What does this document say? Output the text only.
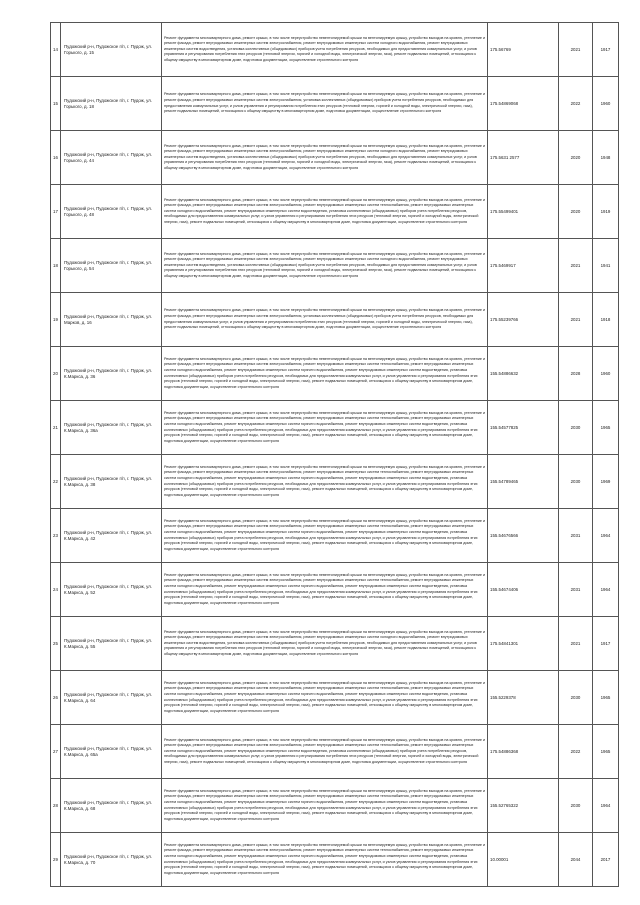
14	Пудожский р-н, Пудожское г/п, г. Пудож, ул. Горького, д. 15	Ремонт фундамента многоквартирного дома, ремонт крыши, в том числе переустройство невентилируемой крыши на вентилируемую крышу, устройство выходов на кровлю, утепление и ремонт фасада, ремонт внутридомовых инженерных систем электроснабжения, ремонт внутридомовых инженерных систем холодного водоснабжения, ремонт внутридомовых инженерных систем водоотведения, установка коллективных (общедомовых) приборов учета потребления ресурсов, необходимых для предоставления коммунальных услуг, и узлов управления и регулирования потребления этих ресурсов (тепловой энергии, горячей и холодной воды, электрической энергии, газа), ремонт подвальных помещений, относящихся к общему имуществу в многоквартирном доме, подготовка документации, осуществление строительного контроля	175.56769	2021	1917
15	Пудожский р-н, Пудожское г/п, г. Пудож, ул. Горького, д. 18	Ремонт фундамента многоквартирного дома, ремонт крыши, в том числе переустройство невентилируемой крыши на вентилируемую крышу, устройство выходов на кровлю, утепление и ремонт фасада, ремонт внутридомовых инженерных систем электроснабжения, установка коллективных (общедомовых) приборов учета потребления ресурсов, необходимых для предоставления коммунальных услуг, и узлов управления и регулирования потребления этих ресурсов (тепловой энергии, горячей и холодной воды, электрической энергии, газа), ремонт подвальных помещений, относящихся к общему имуществу в многоквартирном доме, подготовка документации, осуществление строительного контроля	175.54869068	2022	1960
16	Пудожский р-н, Пудожское г/п, г. Пудож, ул. Горького, д. 44	Ремонт фундамента многоквартирного дома, ремонт крыши, в том числе переустройство невентилируемой крыши на вентилируемую крышу, устройство выходов на кровлю, утепление и ремонт фасада, ремонт внутридомовых инженерных систем электроснабжения, ремонт внутридомовых инженерных систем холодного водоснабжения, ремонт внутридомовых инженерных систем водоотведения, установка коллективных (общедомовых) приборов учета потребления ресурсов, необходимых для предоставления коммунальных услуг, и узлов управления и регулирования потребления этих ресурсов (тепловой энергии, горячей и холодной воды, электрической энергии, газа), ремонт подвальных помещений, относящихся к общему имуществу в многоквартирном доме, подготовка документации, осуществление строительного контроля	175.5631 2577	2020	1948
17	Пудожский р-н, Пудожское г/п, г. Пудож, ул. Горького, д. 48	Ремонт фундамента многоквартирного дома, ремонт крыши, в том числе переустройство невентилируемой крыши на вентилируемую крышу, устройство выходов на кровлю, утепление и ремонт фасада, ремонт внутридомовых инженерных систем электроснабжения, ремонт внутридомовых инженерных систем теплоснабжения, ремонт внутридомовых инженерных систем холодного водоснабжения, ремонт внутридомовых инженерных систем водоотведения, установка коллективных (общедомовых) приборов учета потребления ресурсов, необходимых для предоставления коммунальных услуг, и узлов управления и регулирования потребления этих ресурсов (тепловой энергии, горячей и холодной воды, электрической энергии, газа), ремонт подвальных помещений, относящихся к общему имуществу в многоквартирном доме, подготовка документации, осуществление строительного контроля	175.55499401	2020	1919
18	Пудожский р-н, Пудожское г/п, г. Пудож, ул. Горького, д. 54	Ремонт фундамента многоквартирного дома, ремонт крыши, в том числе переустройство невентилируемой крыши на вентилируемую крышу, устройство выходов на кровлю, утепление и ремонт фасада, ремонт внутридомовых инженерных систем электроснабжения, ремонт внутридомовых инженерных систем холодного водоснабжения, ремонт внутридомовых инженерных систем водоотведения, установка коллективных (общедомовых) приборов учета потребления ресурсов, необходимых для предоставления коммунальных услуг, и узлов управления и регулирования потребления этих ресурсов (тепловой энергии, горячей и холодной воды, электрической энергии, газа), ремонт подвальных помещений, относящихся к общему имуществу в многоквартирном доме, подготовка документации, осуществление строительного контроля	175.5469917	2021	1941
19	Пудожский р-н, Пудожское г/п, г. Пудож, ул. Марков, д. 16	Ремонт фундамента многоквартирного дома, ремонт крыши, в том числе переустройство невентилируемой крыши на вентилируемую крышу, устройство выходов на кровлю, утепление и ремонт фасада, ремонт внутридомовых инженерных систем электроснабжения, установка коллективных (общедомовых) приборов учета потребления ресурсов, необходимых для предоставления коммунальных услуг, и узлов управления и регулирования потребления этих ресурсов (тепловой энергии, горячей и холодной воды, электрической энергии, газа), ремонт подвальных помещений, относящихся к общему имуществу в многоквартирном доме, подготовка документации, осуществление строительного контроля	175.55239766	2021	1918
20	Пудожский р-н, Пудожское г/п, г. Пудож, ул. К.Маркса, д. 36	Ремонт фундамента многоквартирного дома, ремонт крыши, в том числе переустройство невентилируемой крыши на вентилируемую крышу, устройство выходов на кровлю, утепление и ремонт фасада, ремонт внутридомовых инженерных систем электроснабжения, ремонт внутридомовых инженерных систем теплоснабжения, ремонт внутридомовых инженерных систем холодного водоснабжения, ремонт внутридомовых инженерных систем горячего водоснабжения, ремонт внутридомовых инженерных систем водоотведения, установка коллективных (общедомовых) приборов учета потребления ресурсов, необходимых для предоставления коммунальных услуг, и узлов управления и регулирования потребления этих ресурсов (тепловой энергии, горячей и холодной воды, электрической энергии, газа), ремонт подвальных помещений, относящихся к общему имуществу в многоквартирном доме, подготовка документации, осуществление строительного контроля	155.54886632	2028	1960
21	Пудожский р-н, Пудожское г/п, г. Пудож, ул. К.Маркса, д. 36а	Ремонт фундамента многоквартирного дома, ремонт крыши, в том числе переустройство невентилируемой крыши на вентилируемую крышу, устройство выходов на кровлю, утепление и ремонт фасада, ремонт внутридомовых инженерных систем электроснабжения, ремонт внутридомовых инженерных систем теплоснабжения, ремонт внутридомовых инженерных систем холодного водоснабжения, ремонт внутридомовых инженерных систем горячего водоснабжения, ремонт внутридомовых инженерных систем водоотведения, установка коллективных (общедомовых) приборов учета потребления ресурсов, необходимых для предоставления коммунальных услуг, и узлов управления и регулирования потребления этих ресурсов (тепловой энергии, горячей и холодной воды, электрической энергии, газа), ремонт подвальных помещений, относящихся к общему имуществу в многоквартирном доме, подготовка документации, осуществление строительного контроля	155.54577825	2030	1965
22	Пудожский р-н, Пудожское г/п, г. Пудож, ул. К.Маркса, д. 38	Ремонт фундамента многоквартирного дома, ремонт крыши, в том числе переустройство невентилируемой крыши на вентилируемую крышу, устройство выходов на кровлю, утепление и ремонт фасада, ремонт внутридомовых инженерных систем электроснабжения, ремонт внутридомовых инженерных систем теплоснабжения, ремонт внутридомовых инженерных систем холодного водоснабжения, ремонт внутридомовых инженерных систем горячего водоснабжения, ремонт внутридомовых инженерных систем водоотведения, установка коллективных (общедомовых) приборов учета потребления ресурсов, необходимых для предоставления коммунальных услуг, и узлов управления и регулирования потребления этих ресурсов (тепловой энергии, горячей и холодной воды, электрической энергии, газа), ремонт подвальных помещений, относящихся к общему имуществу в многоквартирном доме, подготовка документации, осуществление строительного контроля	155.54789465	2030	1969
23	Пудожский р-н, Пудожское г/п, г. Пудож, ул. К.Маркса, д. 42	Ремонт фундамента многоквартирного дома, ремонт крыши, в том числе переустройство невентилируемой крыши на вентилируемую крышу, устройство выходов на кровлю, утепление и ремонт фасада, ремонт внутридомовых инженерных систем электроснабжения, ремонт внутридомовых инженерных систем теплоснабжения, ремонт внутридомовых инженерных систем холодного водоснабжения, ремонт внутридомовых инженерных систем горячего водоснабжения, ремонт внутридомовых инженерных систем водоотведения, установка коллективных (общедомовых) приборов учета потребления ресурсов, необходимых для предоставления коммунальных услуг, и узлов управления и регулирования потребления этих ресурсов (тепловой энергии, горячей и холодной воды, электрической энергии, газа), ремонт подвальных помещений, относящихся к общему имуществу в многоквартирном доме, подготовка документации, осуществление строительного контроля	155.54676566	2031	1964
24	Пудожский р-н, Пудожское г/п, г. Пудож, ул. К.Маркса, д. 52	Ремонт фундамента многоквартирного дома, ремонт крыши, в том числе переустройство невентилируемой крыши на вентилируемую крышу, устройство выходов на кровлю, утепление и ремонт фасада, ремонт внутридомовых инженерных систем электроснабжения, ремонт внутридомовых инженерных систем теплоснабжения, ремонт внутридомовых инженерных систем холодного водоснабжения, ремонт внутридомовых инженерных систем горячего водоснабжения, ремонт внутридомовых инженерных систем водоотведения, установка коллективных (общедомовых) приборов учета потребления ресурсов, необходимых для предоставления коммунальных услуг, и узлов управления и регулирования потребления этих ресурсов (тепловой энергии, горячей и холодной воды, электрической энергии, газа), ремонт подвальных помещений, относящихся к общему имуществу в многоквартирном доме, подготовка документации, осуществление строительного контроля	155.54674406	2031	1964
25	Пудожский р-н, Пудожское г/п, г. Пудож, ул. К.Маркса, д. 55	Ремонт фундамента многоквартирного дома, ремонт крыши, в том числе переустройство невентилируемой крыши на вентилируемую крышу, устройство выходов на кровлю, утепление и ремонт фасада, ремонт внутридомовых инженерных систем электроснабжения, ремонт внутридомовых инженерных систем холодного водоснабжения, ремонт внутридомовых инженерных систем водоотведения, установка коллективных (общедомовых) приборов учета потребления ресурсов, необходимых для предоставления коммунальных услуг, и узлов управления и регулирования потребления этих ресурсов (тепловой энергии, горячей и холодной воды, электрической энергии, газа), ремонт подвальных помещений, относящихся к общему имуществу в многоквартирном доме, подготовка документации, осуществление строительного контроля	175.54841301	2021	1917
26	Пудожский р-н, Пудожское г/п, г. Пудож, ул. К.Маркса, д. 64	Ремонт фундамента многоквартирного дома, ремонт крыши, в том числе переустройство невентилируемой крыши на вентилируемую крышу, устройство выходов на кровлю, утепление и ремонт фасада, ремонт внутридомовых инженерных систем электроснабжения, ремонт внутридомовых инженерных систем теплоснабжения, ремонт внутридомовых инженерных систем холодного водоснабжения, ремонт внутридомовых инженерных систем горячего водоснабжения, ремонт внутридомовых инженерных систем водоотведения, установка коллективных (общедомовых) приборов учета потребления ресурсов, необходимых для предоставления коммунальных услуг, и узлов управления и регулирования потребления этих ресурсов (тепловой энергии, горячей и холодной воды, электрической энергии, газа), ремонт подвальных помещений, относящихся к общему имуществу в многоквартирном доме, подготовка документации, осуществление строительного контроля	155.5229378	2030	1965
27	Пудожский р-н, Пудожское г/п, г. Пудож, ул. К.Маркса, д. 65а	Ремонт фундамента многоквартирного дома, ремонт крыши, в том числе переустройство невентилируемой крыши на вентилируемую крышу, устройство выходов на кровлю, утепление и ремонт фасада, ремонт внутридомовых инженерных систем электроснабжения, ремонт внутридомовых инженерных систем теплоснабжения, ремонт внутридомовых инженерных систем холодного водоснабжения, ремонт внутридомовых инженерных систем водоотведения, установка коллективных (общедомовых) приборов учета потребления ресурсов, необходимых для предоставления коммунальных услуг, и узлов управления и регулирования потребления этих ресурсов (тепловой энергии, горячей и холодной воды, электрической энергии, газа), ремонт подвальных помещений, относящихся к общему имуществу в многоквартирном доме, подготовка документации, осуществление строительного контроля	175.54886368	2022	1965
28	Пудожский р-н, Пудожское г/п, г. Пудож, ул. К.Маркса, д. 68	Ремонт фундамента многоквартирного дома, ремонт крыши, в том числе переустройство невентилируемой крыши на вентилируемую крышу, устройство выходов на кровлю, утепление и ремонт фасада, ремонт внутридомовых инженерных систем электроснабжения, ремонт внутридомовых инженерных систем теплоснабжения, ремонт внутридомовых инженерных систем холодного водоснабжения, ремонт внутридомовых инженерных систем горячего водоснабжения, ремонт внутридомовых инженерных систем водоотведения, установка коллективных (общедомовых) приборов учета потребления ресурсов, необходимых для предоставления коммунальных услуг, и узлов управления и регулирования потребления этих ресурсов (тепловой энергии, горячей и холодной воды, электрической энергии, газа), ремонт подвальных помещений, относящихся к общему имуществу в многоквартирном доме, подготовка документации, осуществление строительного контроля	155.52765322	2030	1964
29	Пудожский р-н, Пудожское г/п, г. Пудож, ул. К.Маркса, д. 70	Ремонт фундамента многоквартирного дома, ремонт крыши, в том числе переустройство невентилируемой крыши на вентилируемую крышу, устройство выходов на кровлю, утепление и ремонт фасада, ремонт внутридомовых инженерных систем электроснабжения, ремонт внутридомовых инженерных систем теплоснабжения, ремонт внутридомовых инженерных систем холодного водоснабжения, ремонт внутридомовых инженерных систем горячего водоснабжения, ремонт внутридомовых инженерных систем водоотведения, установка коллективных (общедомовых) приборов учета потребления ресурсов, необходимых для предоставления коммунальных услуг, и узлов управления и регулирования потребления этих ресурсов (тепловой энергии, горячей и холодной воды, электрической энергии, газа), ремонт подвальных помещений, относящихся к общему имуществу в многоквартирном доме, подготовка документации, осуществление строительного контроля	10.00001	2044	2017
